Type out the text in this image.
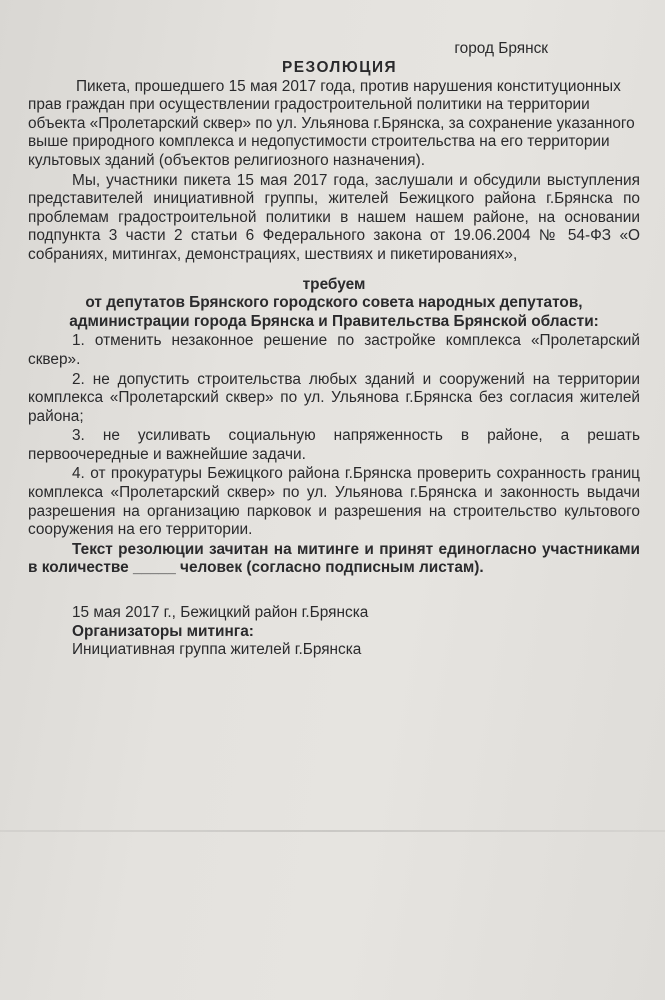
город Брянск

РЕЗОЛЮЦИЯ

Пикета, прошедшего 15 мая 2017 года, против нарушения конституционных прав граждан при осуществлении градостроительной политики на территории объекта «Пролетарский сквер» по ул. Ульянова г.Брянска, за сохранение указанного выше природного комплекса и недопустимости строительства на его территории культовых зданий (объектов религиозного назначения).

Мы, участники пикета 15 мая 2017 года, заслушали и обсудили выступления представителей инициативной группы, жителей Бежицкого района г.Брянска по проблемам градостроительной политики в нашем нашем районе, на основании подпункта 3 части 2 статьи 6 Федерального закона от 19.06.2004 № 54-ФЗ «О собраниях, митингах, демонстрациях, шествиях и пикетированиях»,

требуем

от депутатов Брянского городского совета народных депутатов,

администрации города Брянска и Правительства Брянской области:

1. отменить незаконное решение по застройке комплекса «Пролетарский сквер».

2. не допустить строительства любых зданий и сооружений на территории комплекса «Пролетарский сквер» по ул. Ульянова г.Брянска без согласия жителей района;

3. не усиливать социальную напряженность в районе, а решать первоочередные и важнейшие задачи.

4. от прокуратуры Бежицкого района г.Брянска проверить сохранность границ комплекса «Пролетарский сквер» по ул. Ульянова г.Брянска и законность выдачи разрешения на организацию парковок и разрешения на строительство культового сооружения на его территории.

Текст резолюции зачитан на митинге и принят единогласно участниками в количестве _____ человек (согласно подписным листам).

15 мая 2017 г., Бежицкий район г.Брянска

Организаторы митинга:

Инициативная группа жителей г.Брянска
